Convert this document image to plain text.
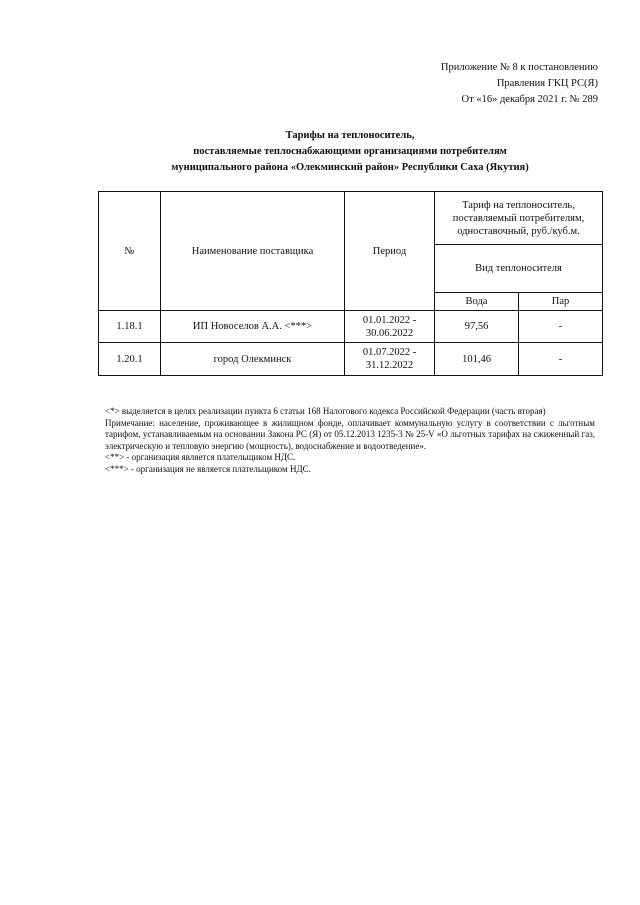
Приложение № 8 к постановлению
Правления ГКЦ РС(Я)
От «16» декабря 2021 г. № 289
Тарифы на теплоноситель,
поставляемые теплоснабжающими организациями потребителям
муниципального района «Олекминский район» Республики Саха (Якутия)
№	Наименование поставщика	Период	Тариф на теплоноситель, поставляемый потребителям, одноставочный, руб./куб.м.	
			Вид теплоносителя	
			Вода	Пар
1.18.1	ИП Новоселов А.А. <***>	01.01.2022 - 30.06.2022	97,56	-
1.20.1	город Олекминск	01.07.2022 - 31.12.2022	101,46	-

<*> выделяется в целях реализации пункта 6 статьи 168 Налогового кодекса Российской Федерации (часть вторая)

Примечание: население, проживающее в жилищном фонде, оплачивает коммунальную услугу в соответствии с льготным тарифом, устанавливаемым на основании Закона РС (Я) от 05.12.2013 1235-3 № 25-V «О льготных тарифах на сжиженный газ, электрическую и тепловую энергию (мощность), водоснабжение и водоотведение».

<**> - организация является плательщиком НДС.

<***> - организация не является плательщиком НДС.
